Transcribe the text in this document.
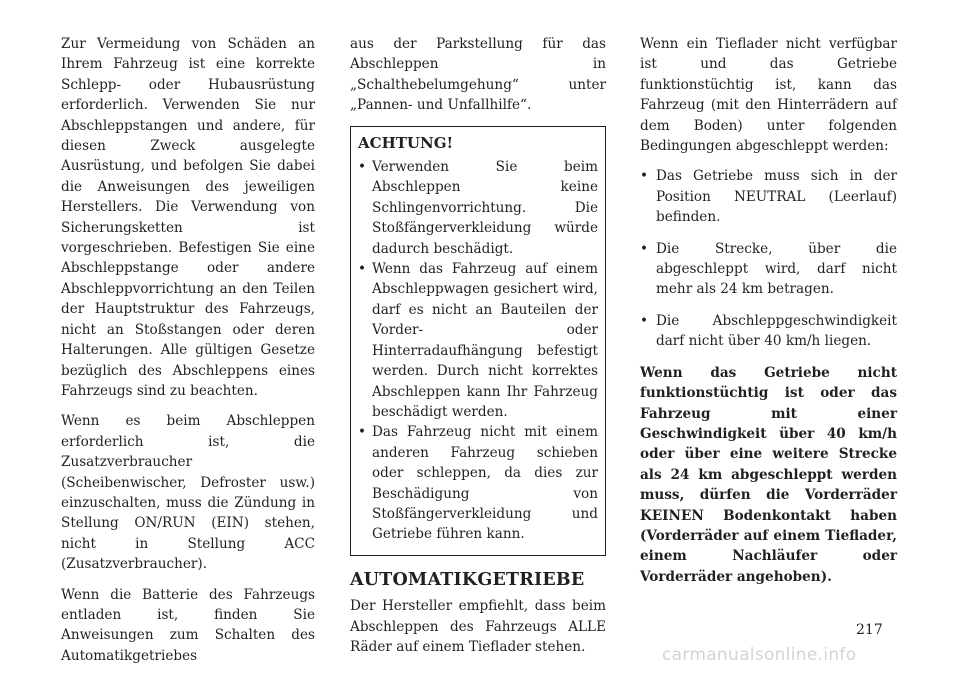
Zur Vermeidung von Schäden an Ihrem Fahrzeug ist eine korrekte Schlepp- oder Hubausrüstung erforderlich. Verwenden Sie nur Abschleppstangen und andere, für diesen Zweck ausgelegte Ausrüstung, und befolgen Sie dabei die Anweisungen des jeweiligen Herstellers. Die Verwendung von Sicherungsketten ist vorgeschrieben. Befestigen Sie eine Abschleppstange oder andere Abschleppvorrichtung an den Teilen der Hauptstruktur des Fahrzeugs, nicht an Stoßstangen oder deren Halterungen. Alle gültigen Gesetze bezüglich des Abschleppens eines Fahrzeugs sind zu beachten.

Wenn es beim Abschleppen erforderlich ist, die Zusatzverbraucher (Scheibenwischer, Defroster usw.) einzuschalten, muss die Zündung in Stellung ON/RUN (EIN) stehen, nicht in Stellung ACC (Zusatzverbraucher).

Wenn die Batterie des Fahrzeugs entladen ist, finden Sie Anweisungen zum Schalten des Automatikgetriebes

aus der Parkstellung für das Abschleppen in „Schalthebelumgehung“ unter „Pannen- und Unfallhilfe“.

ACHTUNG!
• Verwenden Sie beim Abschleppen keine Schlingenvorrichtung. Die Stoßfängerverkleidung würde dadurch beschädigt.
• Wenn das Fahrzeug auf einem Abschleppwagen gesichert wird, darf es nicht an Bauteilen der Vorder- oder Hinterradaufhängung befestigt werden. Durch nicht korrektes Abschleppen kann Ihr Fahrzeug beschädigt werden.
• Das Fahrzeug nicht mit einem anderen Fahrzeug schieben oder schleppen, da dies zur Beschädigung von Stoßfängerverkleidung und Getriebe führen kann.
AUTOMATIKGETRIEBE

Der Hersteller empfiehlt, dass beim Abschleppen des Fahrzeugs ALLE Räder auf einem Tieflader stehen.

Wenn ein Tieflader nicht verfügbar ist und das Getriebe funktionstüchtig ist, kann das Fahrzeug (mit den Hinterrädern auf dem Boden) unter folgenden Bedingungen abgeschleppt werden:

• Das Getriebe muss sich in der Position NEUTRAL (Leerlauf) befinden.
• Die Strecke, über die abgeschleppt wird, darf nicht mehr als 24 km betragen.
• Die Abschleppgeschwindigkeit darf nicht über 40 km/h liegen.

Wenn das Getriebe nicht funktionstüchtig ist oder das Fahrzeug mit einer Geschwindigkeit über 40 km/h oder über eine weitere Strecke als 24 km abgeschleppt werden muss, dürfen die Vorderräder KEINEN Bodenkontakt haben (Vorderräder auf einem Tieflader, einem Nachläufer oder Vorderräder angehoben).

217
carmanualsonline.info
